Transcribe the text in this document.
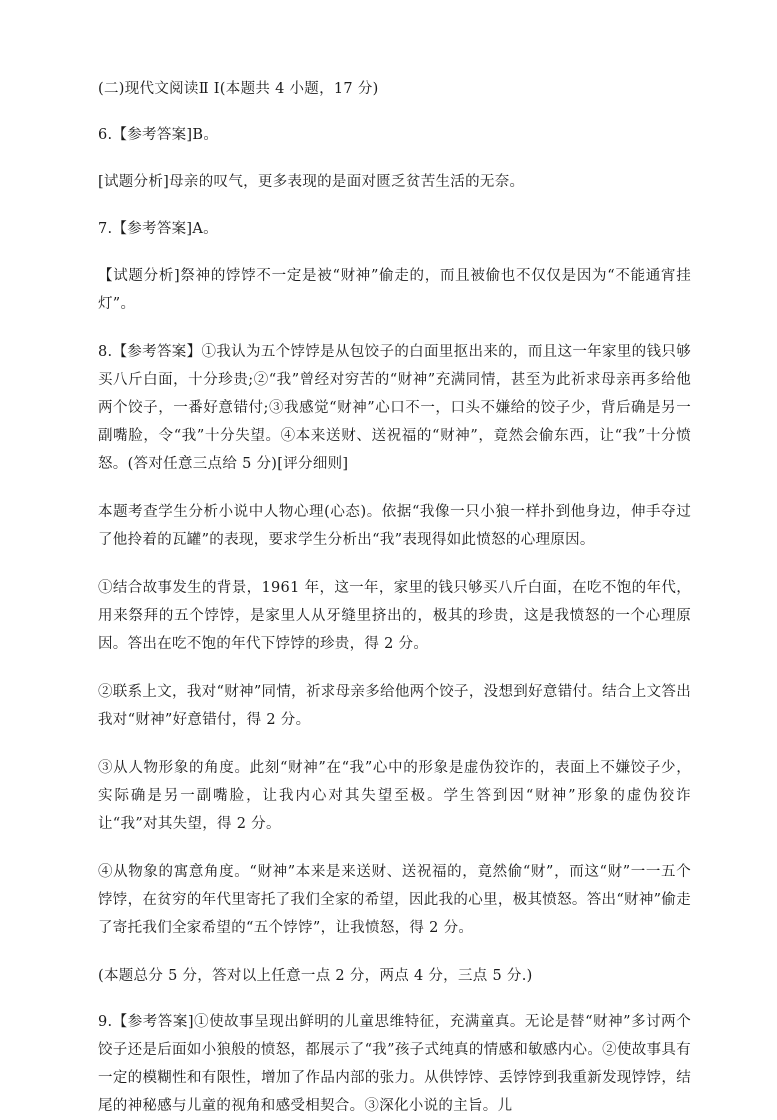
(二)现代文阅读Ⅱ I(本题共 4 小题，17 分)

6.【参考答案]B。

[试题分析]母亲的叹气，更多表现的是面对匮乏贫苦生活的无奈。

7.【参考答案]A。

【试题分析]祭神的饽饽不一定是被“财神”偷走的，而且被偷也不仅仅是因为“不能通宵挂灯”。

8.【参考答案】①我认为五个饽饽是从包饺子的白面里抠出来的，而且这一年家里的钱只够买八斤白面，十分珍贵;②“我”曾经对穷苦的“财神”充满同情，甚至为此祈求母亲再多给他两个饺子，一番好意错付;③我感觉“财神”心口不一，口头不嫌给的饺子少，背后确是另一副嘴脸，令“我”十分失望。④本来送财、送祝福的“财神”，竟然会偷东西，让“我”十分愤怒。(答对任意三点给 5 分)[评分细则]

本题考查学生分析小说中人物心理(心态)。依据“我像一只小狼一样扑到他身边，伸手夺过了他拎着的瓦罐”的表现，要求学生分析出“我”表现得如此愤怒的心理原因。

①结合故事发生的背景，1961 年，这一年，家里的钱只够买八斤白面，在吃不饱的年代，用来祭拜的五个饽饽，是家里人从牙缝里挤出的，极其的珍贵，这是我愤怒的一个心理原因。答出在吃不饱的年代下饽饽的珍贵，得 2 分。

②联系上文，我对“财神”同情，祈求母亲多给他两个饺子，没想到好意错付。结合上文答出我对“财神”好意错付，得 2 分。

③从人物形象的角度。此刻“财神”在“我”心中的形象是虚伪狡诈的，表面上不嫌饺子少，实际确是另一副嘴脸，让我内心对其失望至极。学生答到因“财神”形象的虚伪狡诈让“我”对其失望，得 2 分。

④从物象的寓意角度。“财神”本来是来送财、送祝福的，竟然偷“财”，而这“财”一一五个饽饽，在贫穷的年代里寄托了我们全家的希望，因此我的心里，极其愤怒。答出“财神”偷走了寄托我们全家希望的“五个饽饽”，让我愤怒，得 2 分。

(本题总分 5 分，答对以上任意一点 2 分，两点 4 分，三点 5 分.)

9.【参考答案]①使故事呈现出鲜明的儿童思维特征，充满童真。无论是替“财神”多讨两个饺子还是后面如小狼般的愤怒，都展示了“我”孩子式纯真的情感和敏感内心。②使故事具有一定的模糊性和有限性，增加了作品内部的张力。从供饽饽、丢饽饽到我重新发现饽饽，结尾的神秘感与儿童的视角和感受相契合。③深化小说的主旨。儿
